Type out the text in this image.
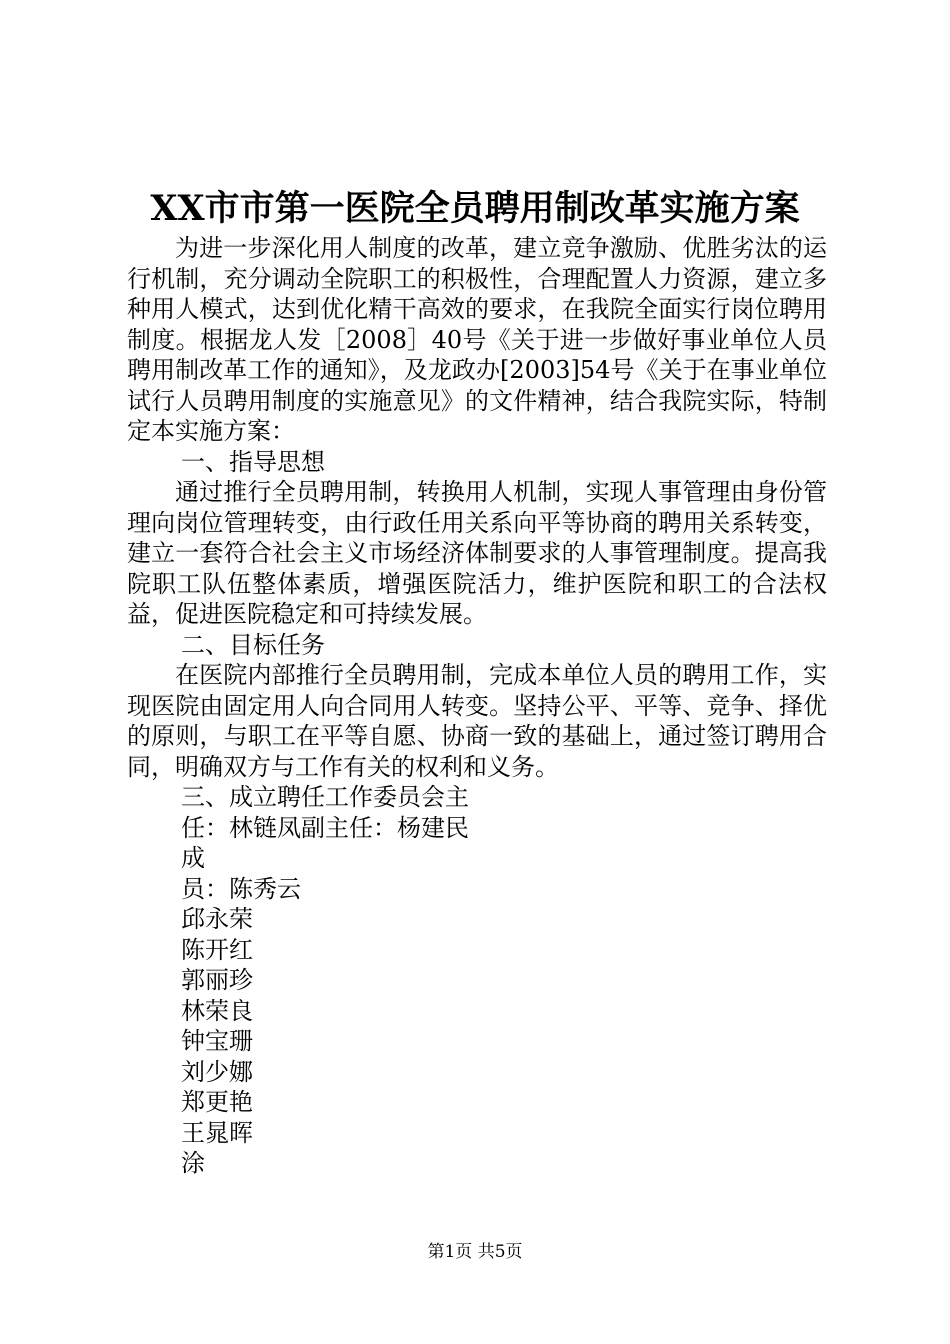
XX市市第一医院全员聘用制改革实施方案

为进一步深化用人制度的改革，建立竞争激励、优胜劣汰的运行机制，充分调动全院职工的积极性，合理配置人力资源，建立多种用人模式，达到优化精干高效的要求，在我院全面实行岗位聘用制度。根据龙人发［2008］40号《关于进一步做好事业单位人员聘用制改革工作的通知》，及龙政办[2003]54号《关于在事业单位试行人员聘用制度的实施意见》的文件精神，结合我院实际，特制定本实施方案：

一、指导思想

通过推行全员聘用制，转换用人机制，实现人事管理由身份管理向岗位管理转变，由行政任用关系向平等协商的聘用关系转变，建立一套符合社会主义市场经济体制要求的人事管理制度。提高我院职工队伍整体素质，增强医院活力，维护医院和职工的合法权益，促进医院稳定和可持续发展。

二、目标任务

在医院内部推行全员聘用制，完成本单位人员的聘用工作，实现医院由固定用人向合同用人转变。坚持公平、平等、竞争、择优的原则，与职工在平等自愿、协商一致的基础上，通过签订聘用合同，明确双方与工作有关的权利和义务。

三、成立聘任工作委员会主

任：林链凤副主任：杨建民
成
员：陈秀云
邱永荣
陈开红
郭丽珍
林荣良
钟宝珊
刘少娜
郑更艳
王晁晖
涂
第1页 共5页
